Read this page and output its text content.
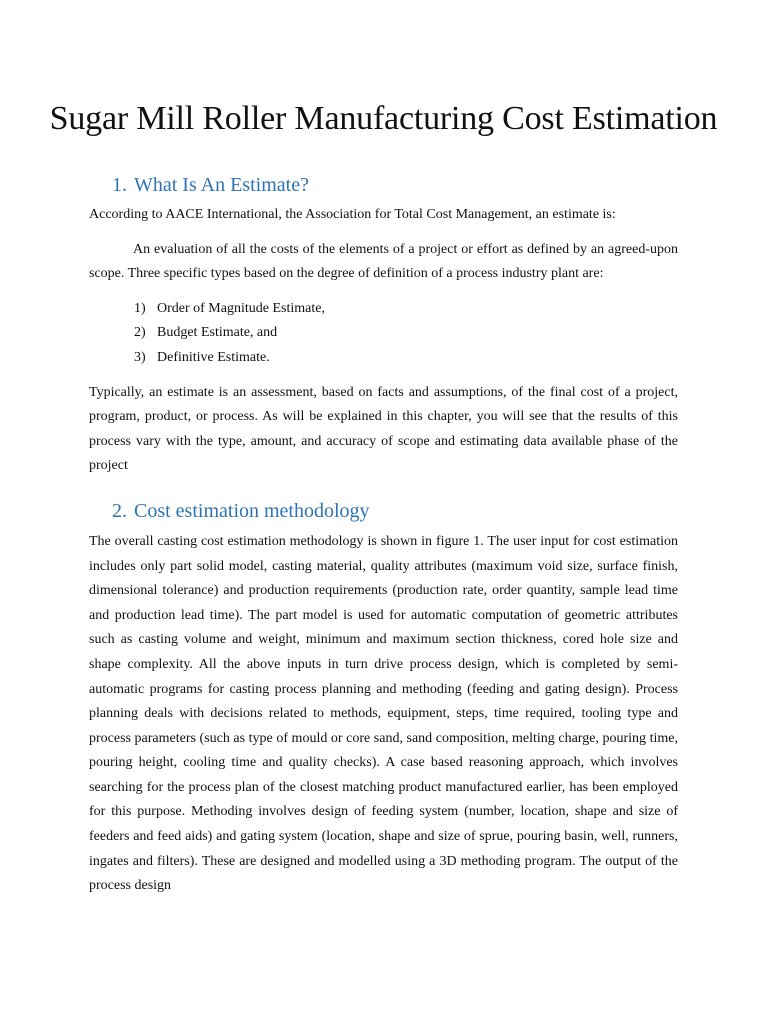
Sugar Mill Roller Manufacturing Cost Estimation
1. What Is An Estimate?

According to AACE International, the Association for Total Cost Management, an estimate is:

An evaluation of all the costs of the elements of a project or effort as defined by an agreed-upon scope. Three specific types based on the degree of definition of a process industry plant are:

1) Order of Magnitude Estimate,
2) Budget Estimate, and
3) Definitive Estimate.

Typically, an estimate is an assessment, based on facts and assumptions, of the final cost of a project, program, product, or process. As will be explained in this chapter, you will see that the results of this process vary with the type, amount, and accuracy of scope and estimating data available phase of the project

2. Cost estimation methodology

The overall casting cost estimation methodology is shown in figure 1. The user input for cost estimation includes only part solid model, casting material, quality attributes (maximum void size, surface finish, dimensional tolerance) and production requirements (production rate, order quantity, sample lead time and production lead time). The part model is used for automatic computation of geometric attributes such as casting volume and weight, minimum and maximum section thickness, cored hole size and shape complexity. All the above inputs in turn drive process design, which is completed by semi-automatic programs for casting process planning and methoding (feeding and gating design). Process planning deals with decisions related to methods, equipment, steps, time required, tooling type and process parameters (such as type of mould or core sand, sand composition, melting charge, pouring time, pouring height, cooling time and quality checks). A case based reasoning approach, which involves searching for the process plan of the closest matching product manufactured earlier, has been employed for this purpose. Methoding involves design of feeding system (number, location, shape and size of feeders and feed aids) and gating system (location, shape and size of sprue, pouring basin, well, runners, ingates and filters). These are designed and modelled using a 3D methoding program. The output of the process design
